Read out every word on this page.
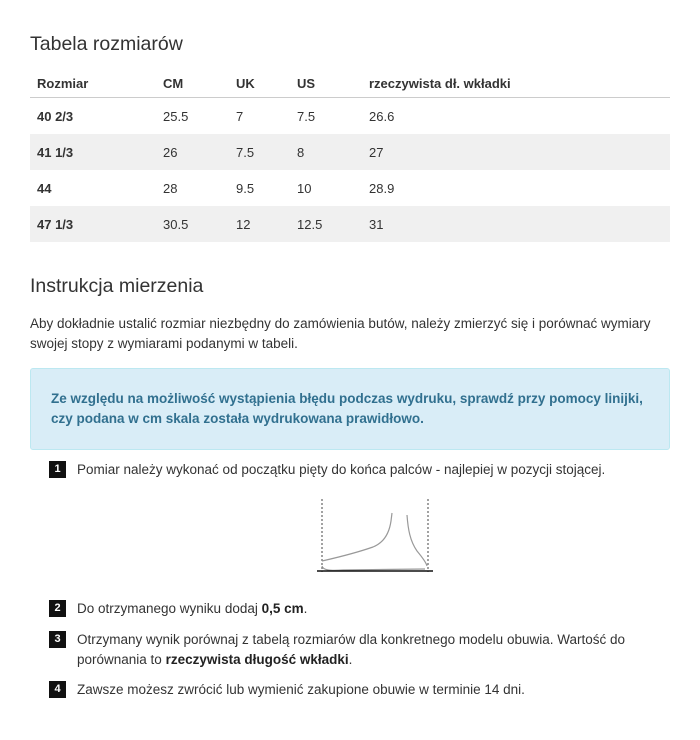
Tabela rozmiarów
Rozmiar	CM	UK	US	rzeczywista dł. wkładki
40 2/3	25.5	7	7.5	26.6
41 1/3	26	7.5	8	27
44	28	9.5	10	28.9
47 1/3	30.5	12	12.5	31
Instrukcja mierzenia

Aby dokładnie ustalić rozmiar niezbędny do zamówienia butów, należy zmierzyć się i porównać wymiary swojej stopy z wymiarami podanymi w tabeli.

Ze względu na możliwość wystąpienia błędu podczas wydruku, sprawdź przy pomocy linijki, czy podana w cm skala została wydrukowana prawidłowo.
1	Pomiar należy wykonać od początku pięty do końca palców - najlepiej w pozycji stojącej.
2	Do otrzymanego wyniku dodaj 0,5 cm.
3	Otrzymany wynik porównaj z tabelą rozmiarów dla konkretnego modelu obuwia. Wartość do porównania to rzeczywista długość wkładki.
4	Zawsze możesz zwrócić lub wymienić zakupione obuwie w terminie 14 dni.
